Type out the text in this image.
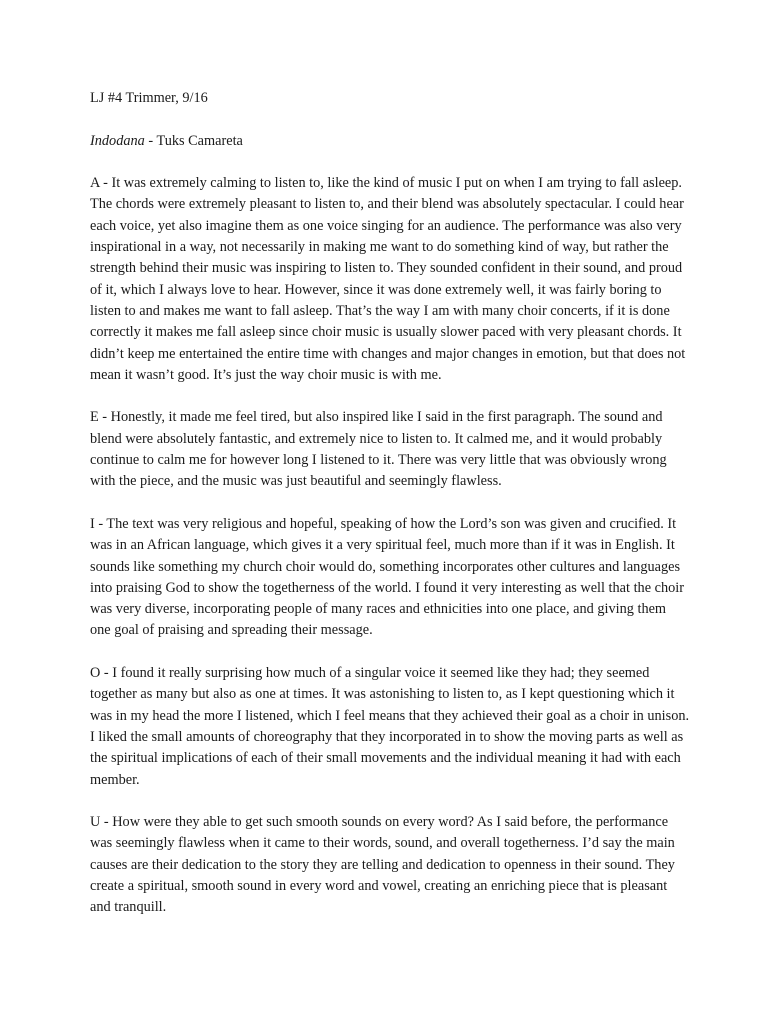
LJ #4 Trimmer, 9/16

Indodana - Tuks Camareta

A - It was extremely calming to listen to, like the kind of music I put on when I am trying to fall asleep. The chords were extremely pleasant to listen to, and their blend was absolutely spectacular. I could hear each voice, yet also imagine them as one voice singing for an audience. The performance was also very inspirational in a way, not necessarily in making me want to do something kind of way, but rather the strength behind their music was inspiring to listen to. They sounded confident in their sound, and proud of it, which I always love to hear. However, since it was done extremely well, it was fairly boring to listen to and makes me want to fall asleep. That’s the way I am with many choir concerts, if it is done correctly it makes me fall asleep since choir music is usually slower paced with very pleasant chords. It didn’t keep me entertained the entire time with changes and major changes in emotion, but that does not mean it wasn’t good. It’s just the way choir music is with me.

E - Honestly, it made me feel tired, but also inspired like I said in the first paragraph. The sound and blend were absolutely fantastic, and extremely nice to listen to. It calmed me, and it would probably continue to calm me for however long I listened to it. There was very little that was obviously wrong with the piece, and the music was just beautiful and seemingly flawless.

I - The text was very religious and hopeful, speaking of how the Lord’s son was given and crucified. It was in an African language, which gives it a very spiritual feel, much more than if it was in English. It sounds like something my church choir would do, something incorporates other cultures and languages into praising God to show the togetherness of the world. I found it very interesting as well that the choir was very diverse, incorporating people of many races and ethnicities into one place, and giving them one goal of praising and spreading their message.

O - I found it really surprising how much of a singular voice it seemed like they had; they seemed together as many but also as one at times. It was astonishing to listen to, as I kept questioning which it was in my head the more I listened, which I feel means that they achieved their goal as a choir in unison. I liked the small amounts of choreography that they incorporated in to show the moving parts as well as the spiritual implications of each of their small movements and the individual meaning it had with each member.

U - How were they able to get such smooth sounds on every word? As I said before, the performance was seemingly flawless when it came to their words, sound, and overall togetherness. I’d say the main causes are their dedication to the story they are telling and dedication to openness in their sound. They create a spiritual, smooth sound in every word and vowel, creating an enriching piece that is pleasant and tranquill.
